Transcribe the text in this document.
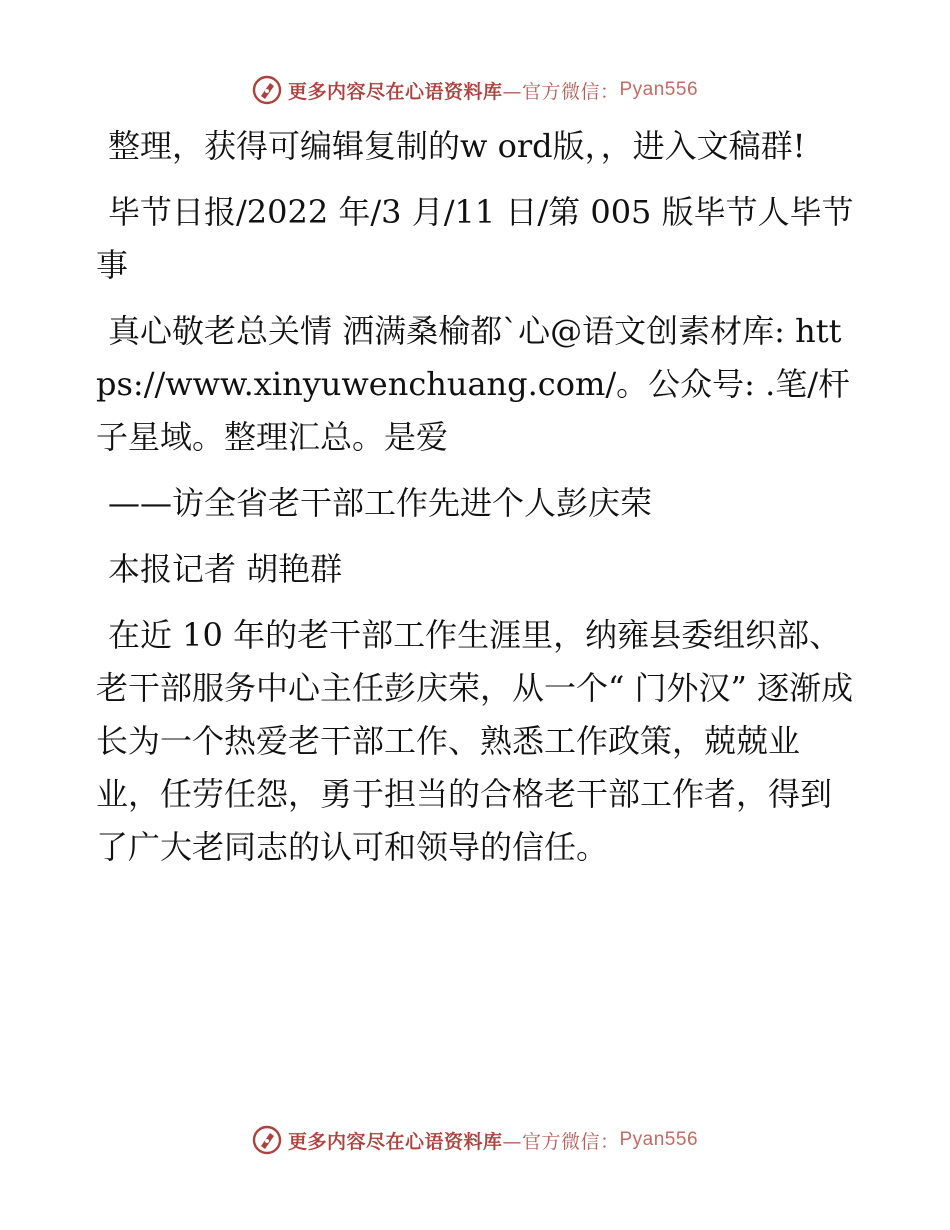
更多内容尽在心语资料库 —官方微信： Pyan556

整理，获得可编辑复制的w ord版，，进入文稿群!

毕节日报/2022 年/3 月/11 日/第 005 版毕节人毕节事

真心敬老总关情 洒满桑榆都`心@语文创素材库: https://www.xinyuwenchuang.com/。公众号: .笔/杆子星域。整理汇总。是爱

——访全省老干部工作先进个人彭庆荣

本报记者 胡艳群

在近 10 年的老干部工作生涯里，纳雍县委组织部、老干部服务中心主任彭庆荣，从一个“ 门外汉” 逐渐成长为一个热爱老干部工作、熟悉工作政策，兢兢业业，任劳任怨，勇于担当的合格老干部工作者，得到了广大老同志的认可和领导的信任。

更多内容尽在心语资料库 —官方微信： Pyan556
